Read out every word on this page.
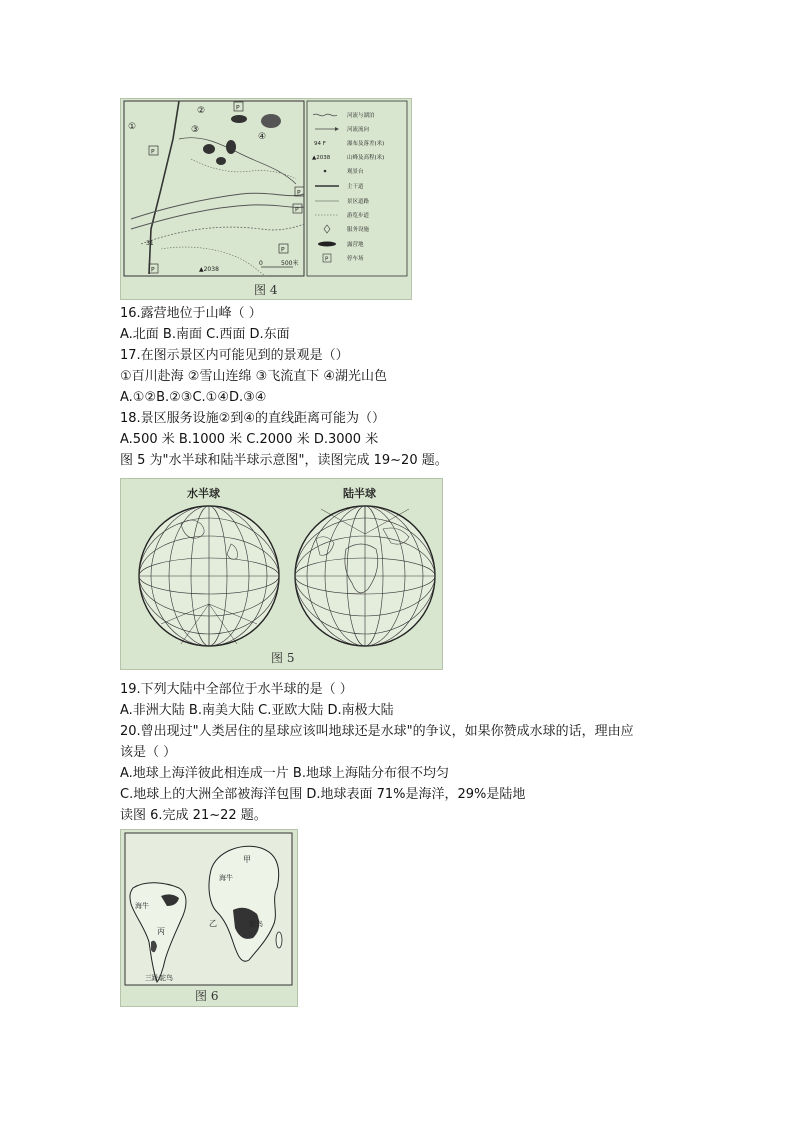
P
P
P
P
P
P
①
②
③
④
31
▲2038
0	500米
河流与湖泊
河流流向
94 F	瀑布及落差(米)
▲2038	山峰及高程(米)
观景台
主干道
景区道路
游览步道
服务设施
露营地
P	停车场
图 4
16.露营地位于山峰（ ）
A.北面 B.南面 C.西面 D.东面
17.在图示景区内可能见到的景观是（）
①百川赴海 ②雪山连绵 ③飞流直下 ④湖光山色
A.①②B.②③C.①④D.③④
18.景区服务设施②到④的直线距离可能为（）
A.500 米 B.1000 米 C.2000 米 D.3000 米
图 5 为"水半球和陆半球示意图"，读图完成 19~20 题。
水半球	陆半球
图 5
19.下列大陆中全部位于水半球的是（ ）
A.非洲大陆 B.南美大陆 C.亚欧大陆 D.南极大陆
20.曾出现过"人类居住的星球应该叫地球还是水球"的争议，如果你赞成水球的话，理由应
该是（ ）
A.地球上海洋彼此相连成一片 B.地球上海陆分布很不均匀
C.地球上的大洲全部被海洋包围 D.地球表面 71%是海洋，29%是陆地
读图 6.完成 21~22 题。
甲
海牛
乙	鸵鸟
海牛
丙
三趾鸵鸟
图 6
